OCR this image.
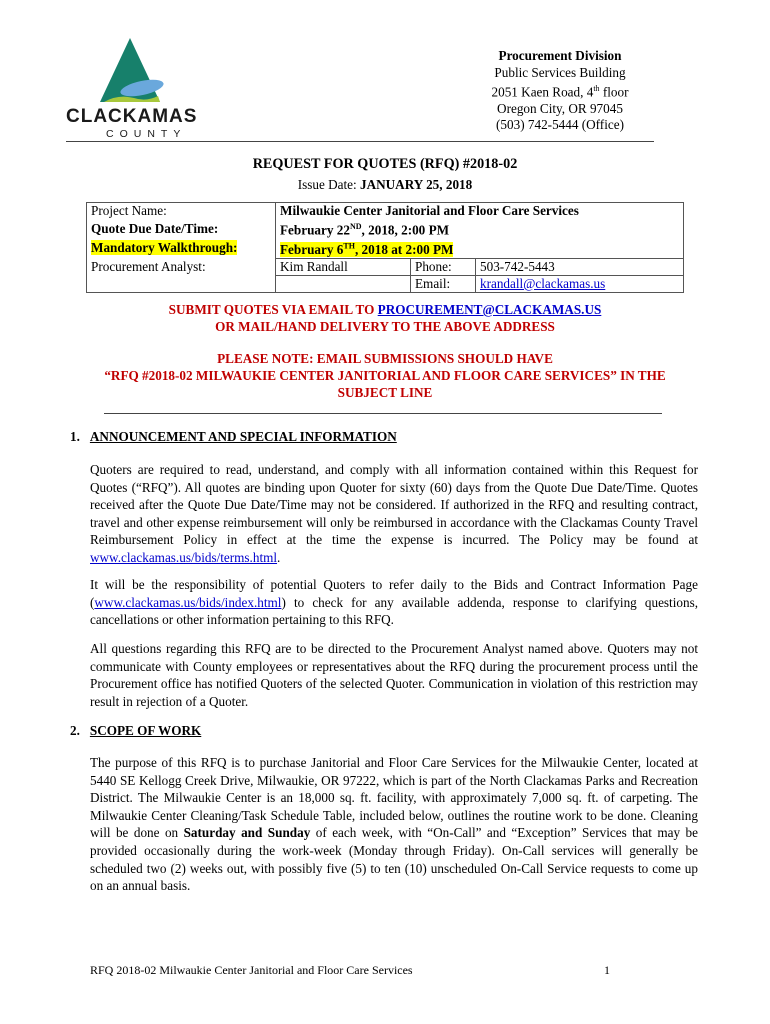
CLACKAMAS
COUNTY
Procurement Division
Public Services Building
2051 Kaen Road, 4th floor
Oregon City, OR 97045
(503) 742-5444 (Office)
REQUEST FOR QUOTES (RFQ) #2018-02
Issue Date: JANUARY 25, 2018
Project Name:	Milwaukie Center Janitorial and Floor Care Services		
Quote Due Date/Time:	February 22ND, 2018, 2:00 PM		
Mandatory Walkthrough:	February 6TH, 2018 at 2:00 PM		
Procurement Analyst:	Kim Randall	Phone:	503-742-5443
		Email:	krandall@clackamas.us
SUBMIT QUOTES VIA EMAIL TO PROCUREMENT@CLACKAMAS.US
OR MAIL/HAND DELIVERY TO THE ABOVE ADDRESS
PLEASE NOTE: EMAIL SUBMISSIONS SHOULD HAVE
“RFQ #2018-02 MILWAUKIE CENTER JANITORIAL AND FLOOR CARE SERVICES” IN THE
SUBJECT LINE
1. ANNOUNCEMENT AND SPECIAL INFORMATION
Quoters are required to read, understand, and comply with all information contained within this Request for Quotes (“RFQ”). All quotes are binding upon Quoter for sixty (60) days from the Quote Due Date/Time. Quotes received after the Quote Due Date/Time may not be considered. If authorized in the RFQ and resulting contract, travel and other expense reimbursement will only be reimbursed in accordance with the Clackamas County Travel Reimbursement Policy in effect at the time the expense is incurred. The Policy may be found at www.clackamas.us/bids/terms.html.
It will be the responsibility of potential Quoters to refer daily to the Bids and Contract Information Page (www.clackamas.us/bids/index.html) to check for any available addenda, response to clarifying questions, cancellations or other information pertaining to this RFQ.
All questions regarding this RFQ are to be directed to the Procurement Analyst named above. Quoters may not communicate with County employees or representatives about the RFQ during the procurement process until the Procurement office has notified Quoters of the selected Quoter. Communication in violation of this restriction may result in rejection of a Quoter.
2. SCOPE OF WORK
The purpose of this RFQ is to purchase Janitorial and Floor Care Services for the Milwaukie Center, located at 5440 SE Kellogg Creek Drive, Milwaukie, OR 97222, which is part of the North Clackamas Parks and Recreation District. The Milwaukie Center is an 18,000 sq. ft. facility, with approximately 7,000 sq. ft. of carpeting. The Milwaukie Center Cleaning/Task Schedule Table, included below, outlines the routine work to be done. Cleaning will be done on Saturday and Sunday of each week, with “On-Call” and “Exception” Services that may be provided occasionally during the work-week (Monday through Friday). On-Call services will generally be scheduled two (2) weeks out, with possibly five (5) to ten (10) unscheduled On-Call Service requests to come up on an annual basis.
RFQ 2018-02 Milwaukie Center Janitorial and Floor Care Services	1
